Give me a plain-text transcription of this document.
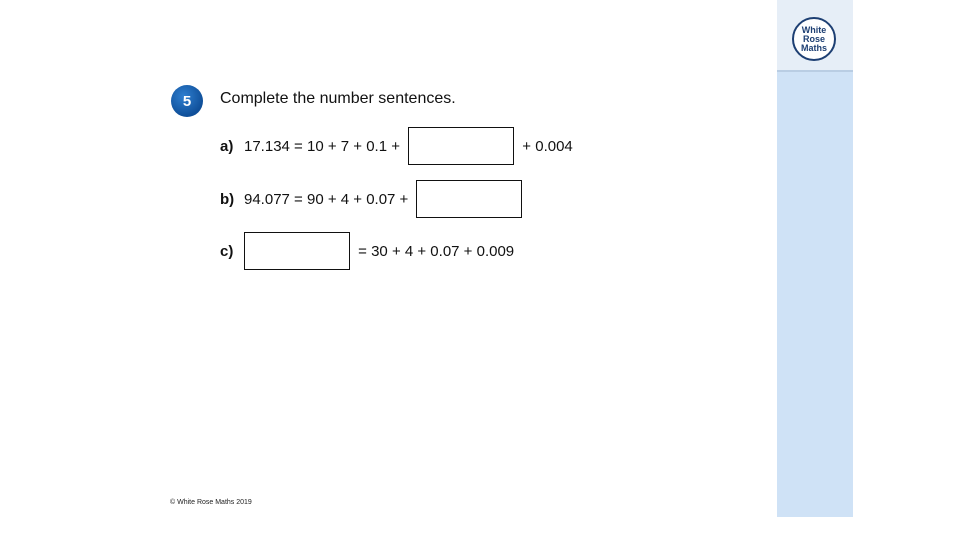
White
Rose
Maths
5	Complete the number sentences.
a) 17.134 = 10 + 7 + 0.1 +	+ 0.004
b) 94.077 = 90 + 4 + 0.07 +
c)	= 30 + 4 + 0.07 + 0.009
© White Rose Maths 2019
